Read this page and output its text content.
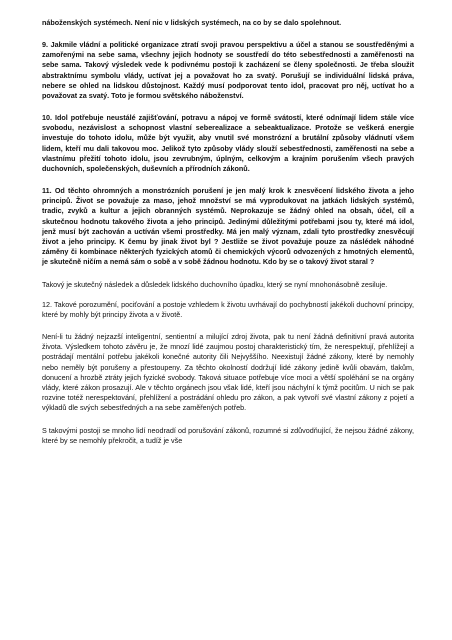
náboženských systémech. Není nic v lidských systémech, na co by se dalo spolehnout.

9. Jakmile vládní a politické organizace ztratí svoji pravou perspektivu a účel a stanou se soustředěnými a zamořenými na sebe sama, všechny jejich hodnoty se soustředí do této sebestřednosti a zaměřenosti na sebe sama. Takový výsledek vede k podivnému postoji k zacházení se členy společnosti. Je třeba sloužit abstraktnímu symbolu vlády, uctívat jej a považovat ho za svatý. Porušují se individuální lidská práva, nebere se ohled na lidskou důstojnost. Každý musí podporovat tento idol, pracovat pro něj, uctívat ho a považovat za svatý. Toto je formou světského náboženství.

10. Idol potřebuje neustálé zajišťování, potravu a nápoj ve formě svátostí, které odnímají lidem stále více svobodu, nezávislost a schopnost vlastní seberealizace a sebeaktualizace. Protože se veškerá energie investuje do tohoto idolu, může být využit, aby vnutil své monstrózní a brutální způsoby vládnutí všem lidem, kteří mu dali takovou moc. Jelikož tyto způsoby vlády slouží sebestřednosti, zaměřenosti na sebe a vlastnímu přežití tohoto idolu, jsou zevrubným, úplným, celkovým a krajním porušením všech pravých duchovních, společenských, duševních a přírodních zákonů.

11. Od těchto ohromných a monstrózních porušení je jen malý krok k znesvěcení lidského života a jeho principů. Život se považuje za maso, jehož množství se má vyprodukovat na jatkách lidských systémů, tradic, zvyků a kultur a jejich obranných systémů. Neprokazuje se žádný ohled na obsah, účel, cíl a skutečnou hodnotu takového života a jeho principů. Jedinými důležitými potřebami jsou ty, které má idol, jenž musí být zachován a uctíván všemi prostředky. Má jen malý význam, zdali tyto prostředky znesvěcují život a jeho principy. K čemu by jinak život byl ? Jestliže se život považuje pouze za náslédek náhodné záměny či kombinace některých fyzických atomů či chemických výcorů odvozených z hmotných elementů, je skutečně ničím a nemá sám o sobě a v sobě žádnou hodnotu. Kdo by se o takový život staral ?

Takový je skutečný následek a důsledek lidského duchovního úpadku, který se nyní mnohonásobně zesiluje.

12. Takové porozumění, pociťování a postoje vzhledem k životu uvrhávají do pochybností jakékoli duchovní principy, které by mohly být principy života a v životě.

Není-li tu žádný nejzazší inteligentní, sentientní a milující zdroj života, pak tu není žádná definitivní pravá autorita života. Výsledkem tohoto závěru je, že mnozí lidé zaujmou postoj charakteristický tím, že nerespektují, přehlížejí a postrádají mentální potřebu jakékoli konečné autority čili Nejvyššího. Neexistují žádné zákony, které by nemohly nebo neměly být porušeny a přestoupeny. Za těchto okolností dodržují lidé zákony jedině kvůli obavám, tlakům, donucení a hrozbě ztráty jejich fyzické svobody. Taková situace potřebuje více moci a větší spoléhání se na orgány vlády, které zákon prosazují. Ale v těchto orgánech jsou však lidé, kteří jsou náchylní k týmž pocitům. U nich se pak rozvine totéž nerespektování, přehlížení a postrádání ohledu pro zákon, a pak vytvoří své vlastní zákony z pojetí a výkladů dle svých sebestředných a na sebe zaměřených potřeb.

S takovými postoji se mnoho lidí neodradí od porušování zákonů, rozumné si zdůvodňující, že nejsou žádné zákony, které by se nemohly překročit, a tudíž je vše
